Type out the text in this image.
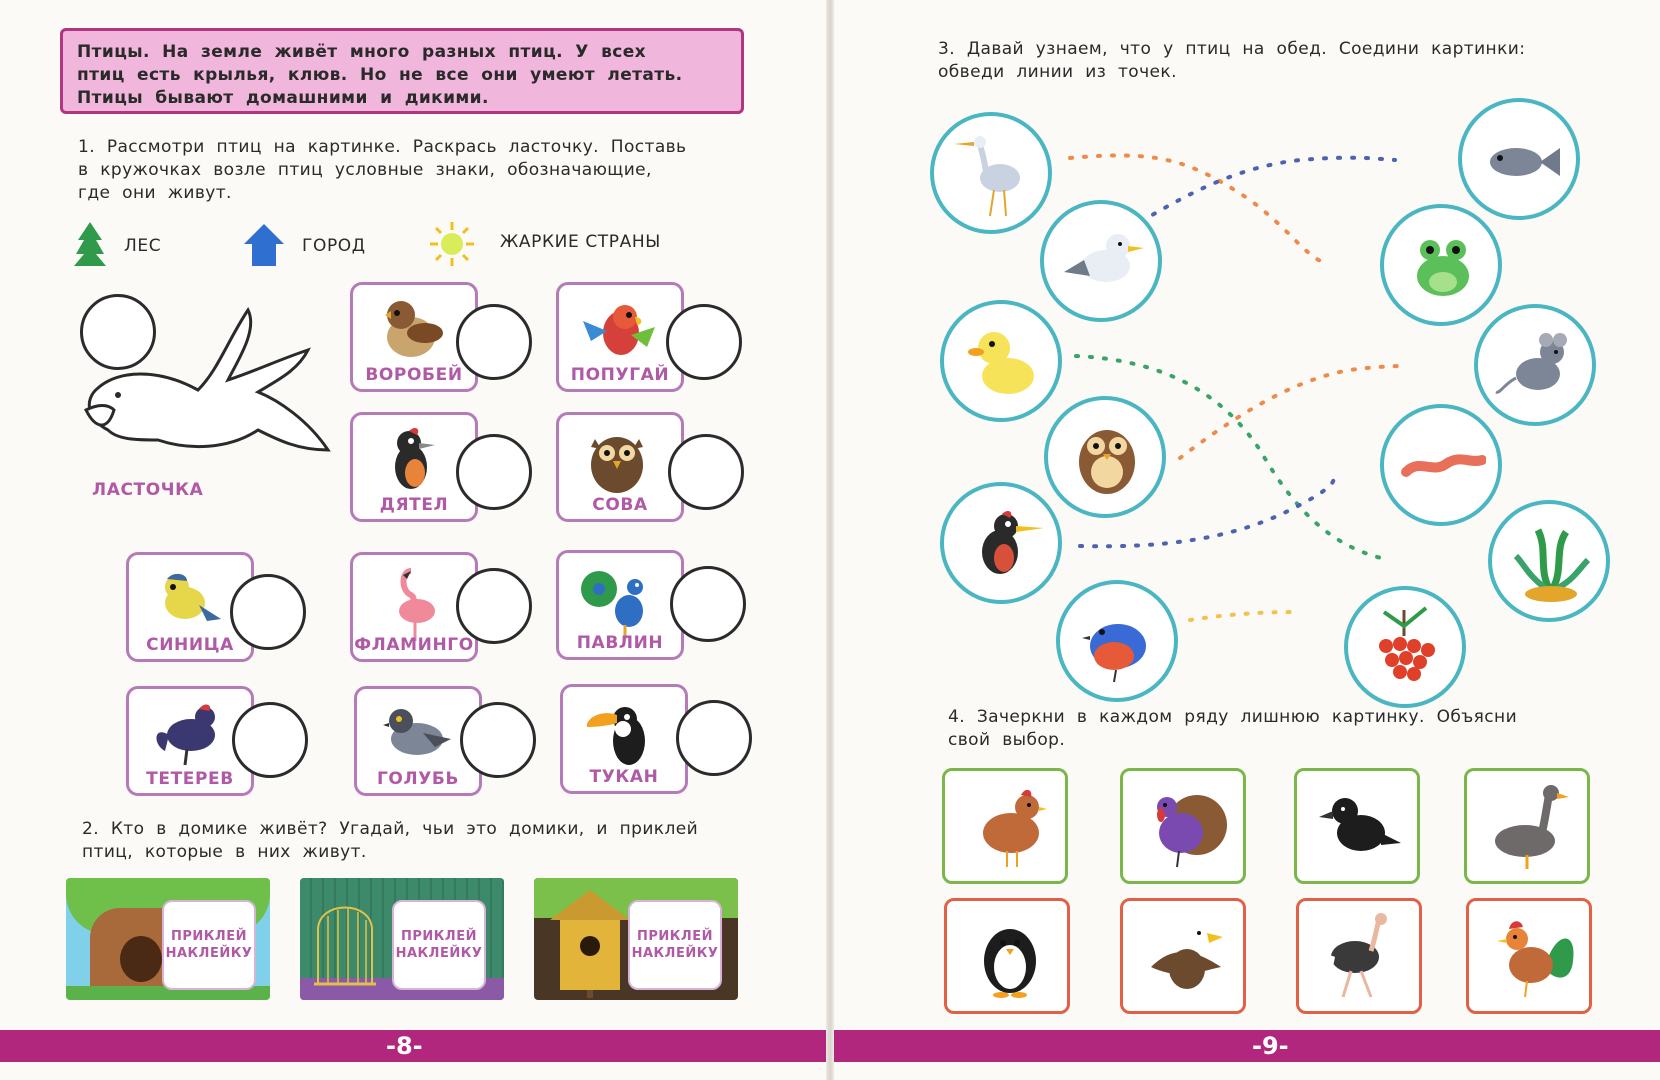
Птицы. На земле живёт много разных птиц. У всех
птиц есть крылья, клюв. Но не все они умеют летать.
Птицы бывают домашними и дикими.
1. Рассмотри птиц на картинке. Раскрась ласточку. Поставь
в кружочках возле птиц условные знаки, обозначающие,
где они живут.
ЛЕС	ГОРОД	ЖАРКИЕ СТРАНЫ
ЛАСТОЧКА
ВОРОБЕЙ	ПОПУГАЙ
ДЯТЕЛ	СОВА
СИНИЦА	ФЛАМИНГО	ПАВЛИН
ТЕТЕРЕВ	ГОЛУБЬ	ТУКАН
2. Кто в домике живёт? Угадай, чьи это домики, и приклей
птиц, которые в них живут.
ПРИКЛЕЙ
НАКЛЕЙКУ
ПРИКЛЕЙ
НАКЛЕЙКУ
ПРИКЛЕЙ
НАКЛЕЙКУ
-8-
3. Давай узнаем, что у птиц на обед. Соедини картинки:
обведи линии из точек.
4. Зачеркни в каждом ряду лишнюю картинку. Объясни
свой выбор.
-9-
